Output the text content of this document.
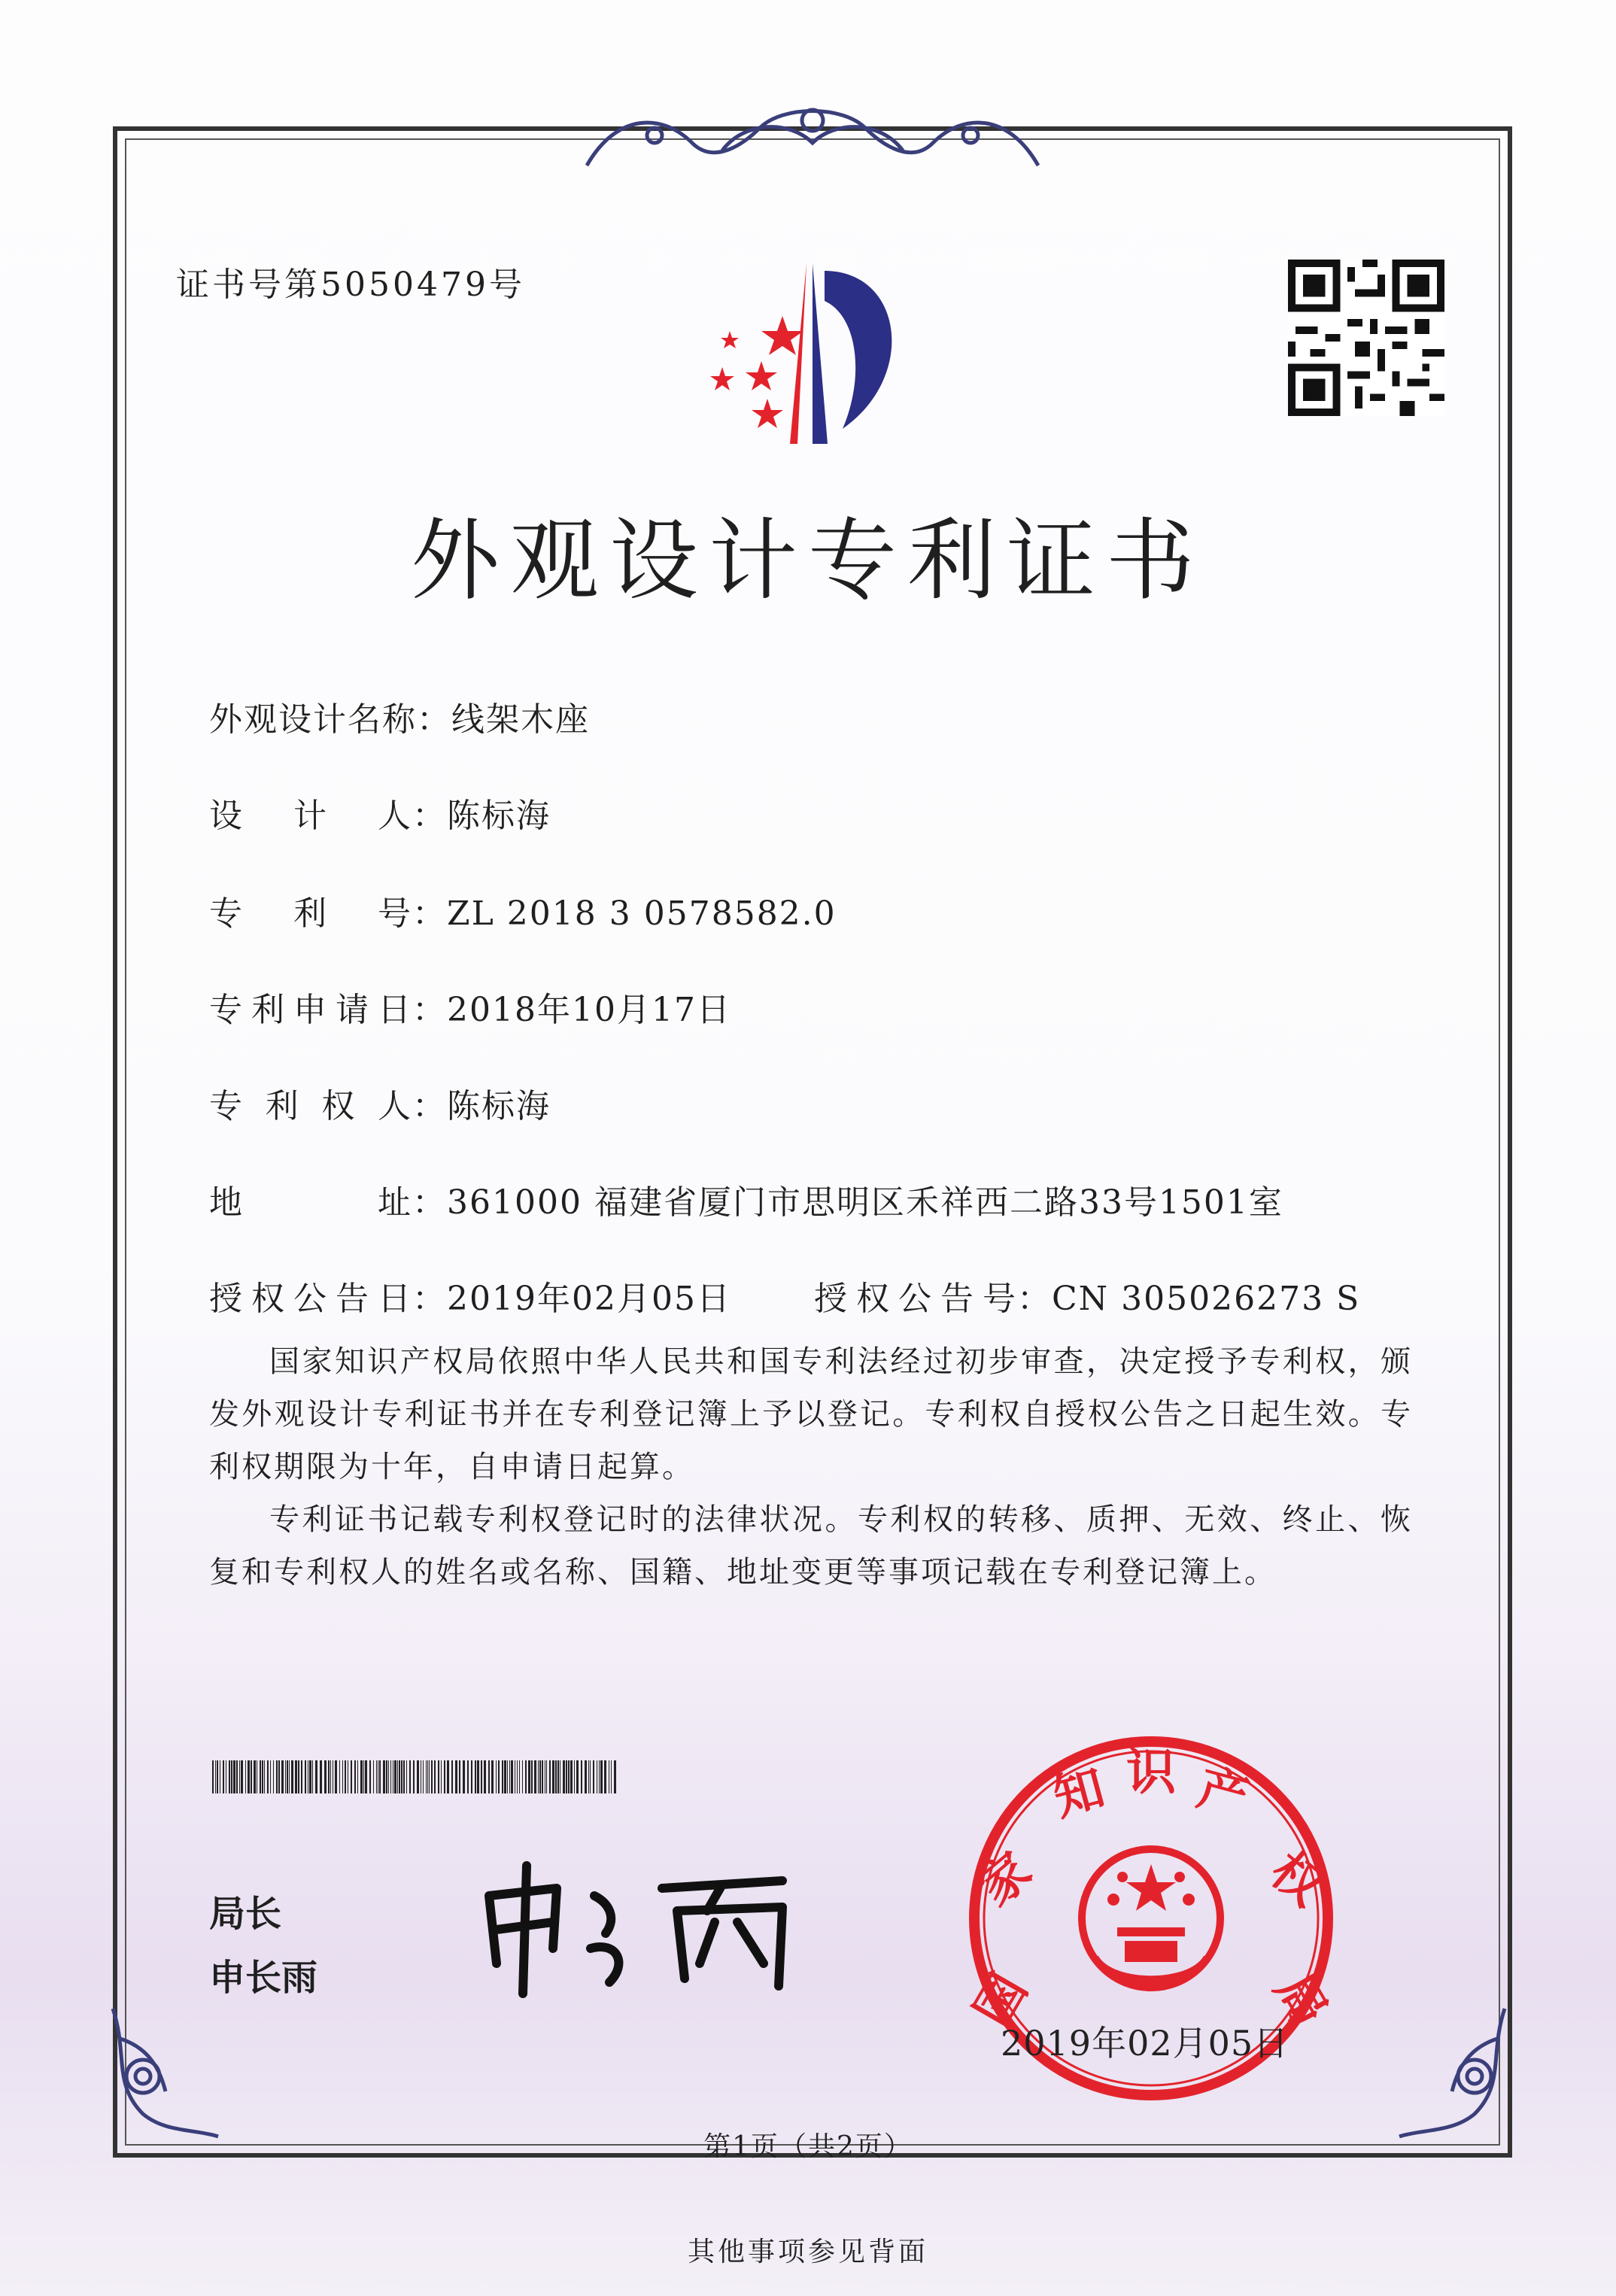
证书号第5050479号
外观设计专利证书
外观设计名称：线架木座
设 计 人：陈标海
专 利 号：ZL 2018 3 0578582.0
专利申请日：2018年10月17日
专利权人：陈标海
地 址：361000 福建省厦门市思明区禾祥西二路33号1501室
授权公告日：2019年02月05日	授权公告号：CN 305026273 S

国家知识产权局依照中华人民共和国专利法经过初步审查，决定授予专利权，颁发外观设计专利证书并在专利登记簿上予以登记。专利权自授权公告之日起生效。专利权期限为十年，自申请日起算。

专利证书记载专利权登记时的法律状况。专利权的转移、质押、无效、终止、恢复和专利权人的姓名或名称、国籍、地址变更等事项记载在专利登记簿上。

局长
申长雨	国
家
知 识 产
权
局
2019年02月05日
第1页（共2页）
其他事项参见背面
